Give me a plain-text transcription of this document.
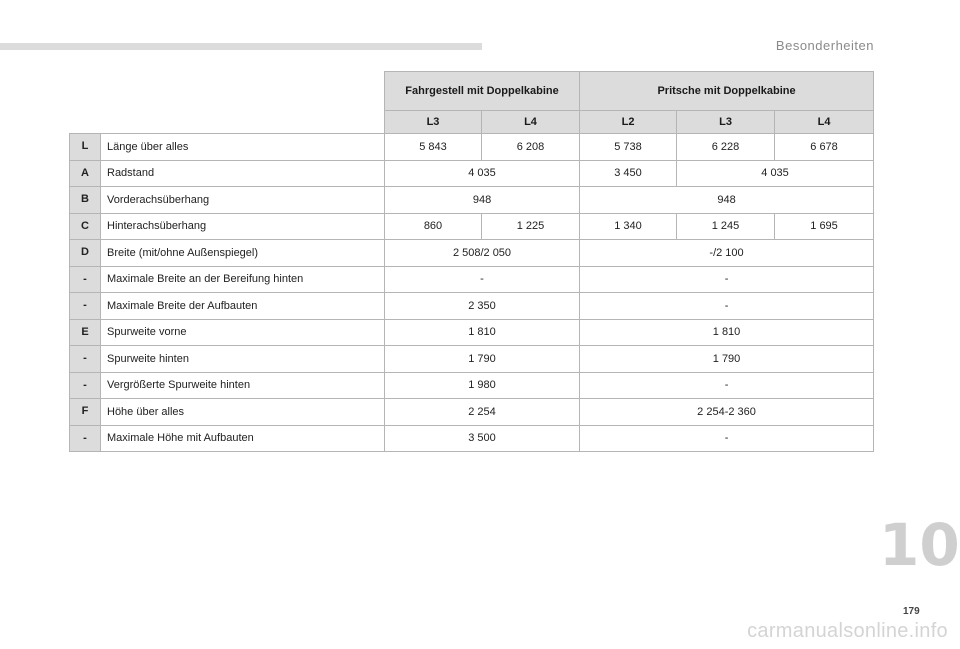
Besonderheiten
		Fahrgestell mit Doppelkabine		Pritsche mit Doppelkabine		
		L3	L4	L2	L3	L4
L	Länge über alles	5 843	6 208	5 738	6 228	6 678
A	Radstand	4 035		3 450	4 035	
B	Vorderachsüberhang	948		948		
C	Hinterachsüberhang	860	1 225	1 340	1 245	1 695
D	Breite (mit/ohne Außenspiegel)	2 508/2 050		-/2 100		
-	Maximale Breite an der Bereifung hinten	-		-		
-	Maximale Breite der Aufbauten	2 350		-		
E	Spurweite vorne	1 810		1 810		
-	Spurweite hinten	1 790		1 790		
-	Vergrößerte Spurweite hinten	1 980		-		
F	Höhe über alles	2 254		2 254-2 360		
-	Maximale Höhe mit Aufbauten	3 500		-		
10
179
carmanualsonline.info
